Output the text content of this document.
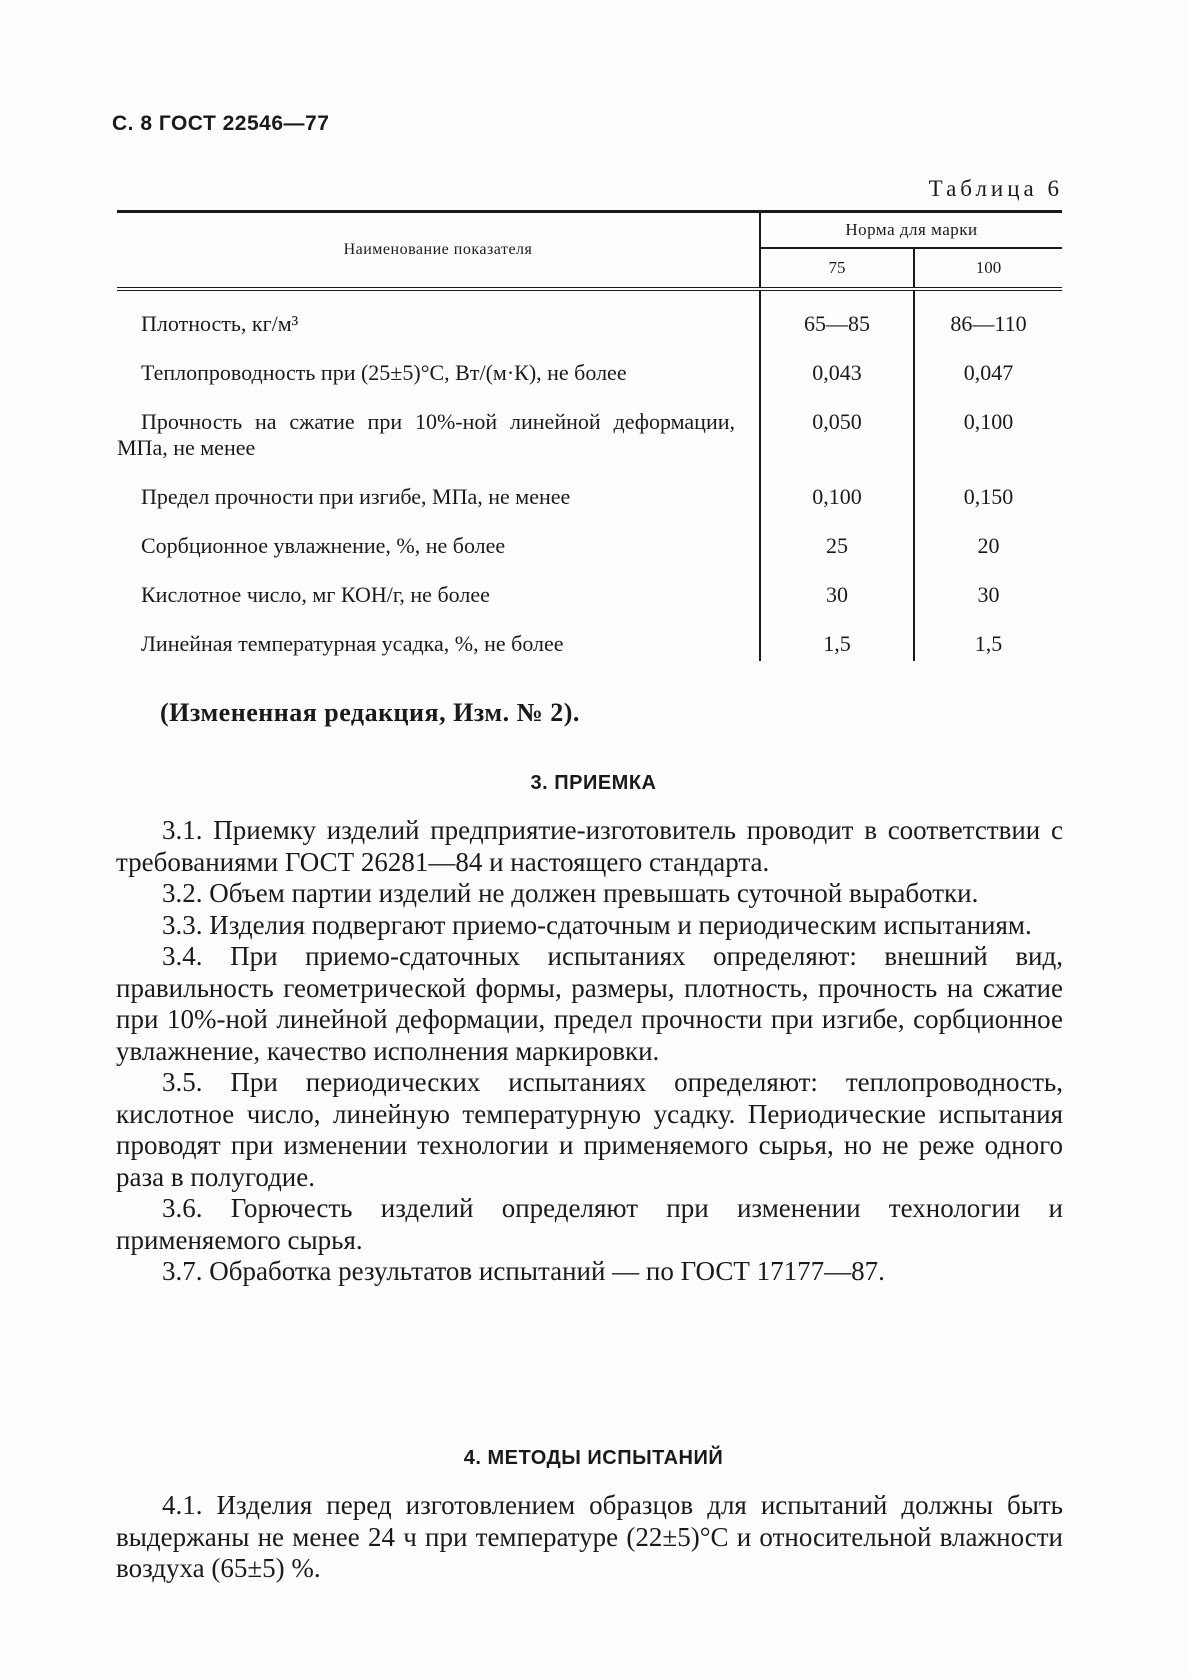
С. 8 ГОСТ 22546—77
Таблица 6
Наименование показателя	Норма для марки	
	75	100
Плотность, кг/м³	65—85	86—110
Теплопроводность при (25±5)°С, Вт/(м·К), не более	0,043	0,047
Прочность на сжатие при 10%-ной линейной деформации, МПа, не менее	0,050	0,100
Предел прочности при изгибе, МПа, не менее	0,100	0,150
Сорбционное увлажнение, %, не более	25	20
Кислотное число, мг КОН/г, не более	30	30
Линейная температурная усадка, %, не более	1,5	1,5
(Измененная редакция, Изм. № 2).
3. ПРИЕМКА

3.1. Приемку изделий предприятие-изготовитель проводит в соответствии с требованиями ГОСТ 26281—84 и настоящего стандарта.

3.2. Объем партии изделий не должен превышать суточной выработки.

3.3. Изделия подвергают приемо-сдаточным и периодическим испытаниям.

3.4. При приемо-сдаточных испытаниях определяют: внешний вид, правильность геометрической формы, размеры, плотность, прочность на сжатие при 10%-ной линейной деформации, предел прочности при изгибе, сорбционное увлажнение, качество исполнения маркировки.

3.5. При периодических испытаниях определяют: теплопроводность, кислотное число, линейную температурную усадку. Периодические испытания проводят при изменении технологии и применяемого сырья, но не реже одного раза в полугодие.

3.6. Горючесть изделий определяют при изменении технологии и применяемого сырья.

3.7. Обработка результатов испытаний — по ГОСТ 17177—87.

4. МЕТОДЫ ИСПЫТАНИЙ

4.1. Изделия перед изготовлением образцов для испытаний должны быть выдержаны не менее 24 ч при температуре (22±5)°С и относительной влажности воздуха (65±5) %.
